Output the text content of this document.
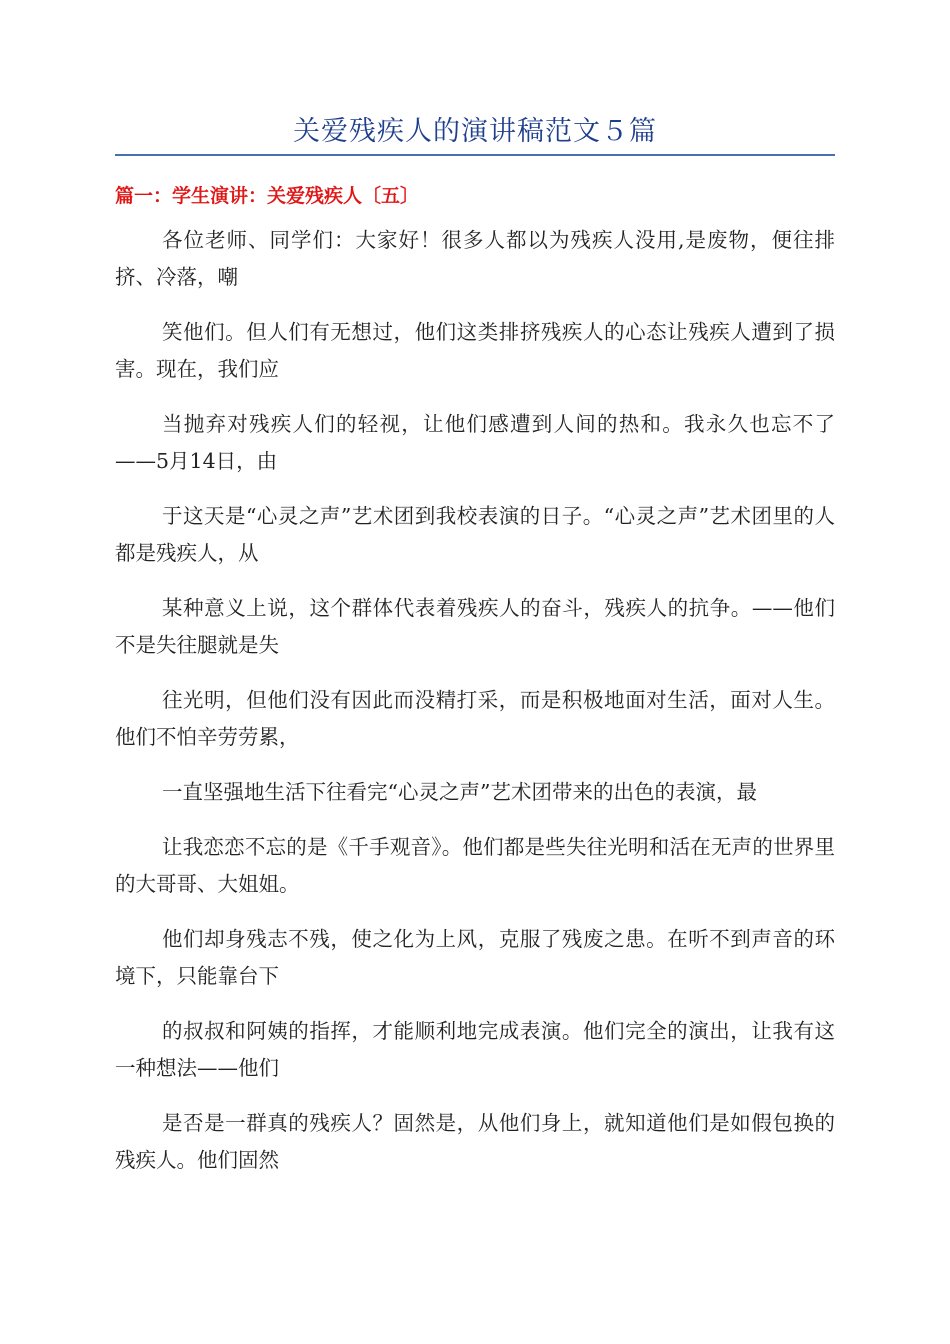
关爱残疾人的演讲稿范文５篇
篇一：学生演讲：关爱残疾人〔五〕

各位老师、同学们：大家好！很多人都以为残疾人没用,是废物，便往排挤、冷落，嘲

笑他们。但人们有无想过，他们这类排挤残疾人的心态让残疾人遭到了损害。现在，我们应

当抛弃对残疾人们的轻视，让他们感遭到人间的热和。我永久也忘不了——5月14日，由

于这天是“心灵之声”艺术团到我校表演的日子。“心灵之声”艺术团里的人都是残疾人，从

某种意义上说，这个群体代表着残疾人的奋斗，残疾人的抗争。——他们不是失往腿就是失

往光明，但他们没有因此而没精打采，而是积极地面对生活，面对人生。他们不怕辛劳劳累，

一直坚强地生活下往看完“心灵之声”艺术团带来的出色的表演，最

让我恋恋不忘的是《千手观音》。他们都是些失往光明和活在无声的世界里的大哥哥、大姐姐。

他们却身残志不残，使之化为上风，克服了残废之患。在听不到声音的环境下，只能靠台下

的叔叔和阿姨的指挥，才能顺利地完成表演。他们完全的演出，让我有这一种想法——他们

是否是一群真的残疾人？固然是，从他们身上，就知道他们是如假包换的残疾人。他们固然
